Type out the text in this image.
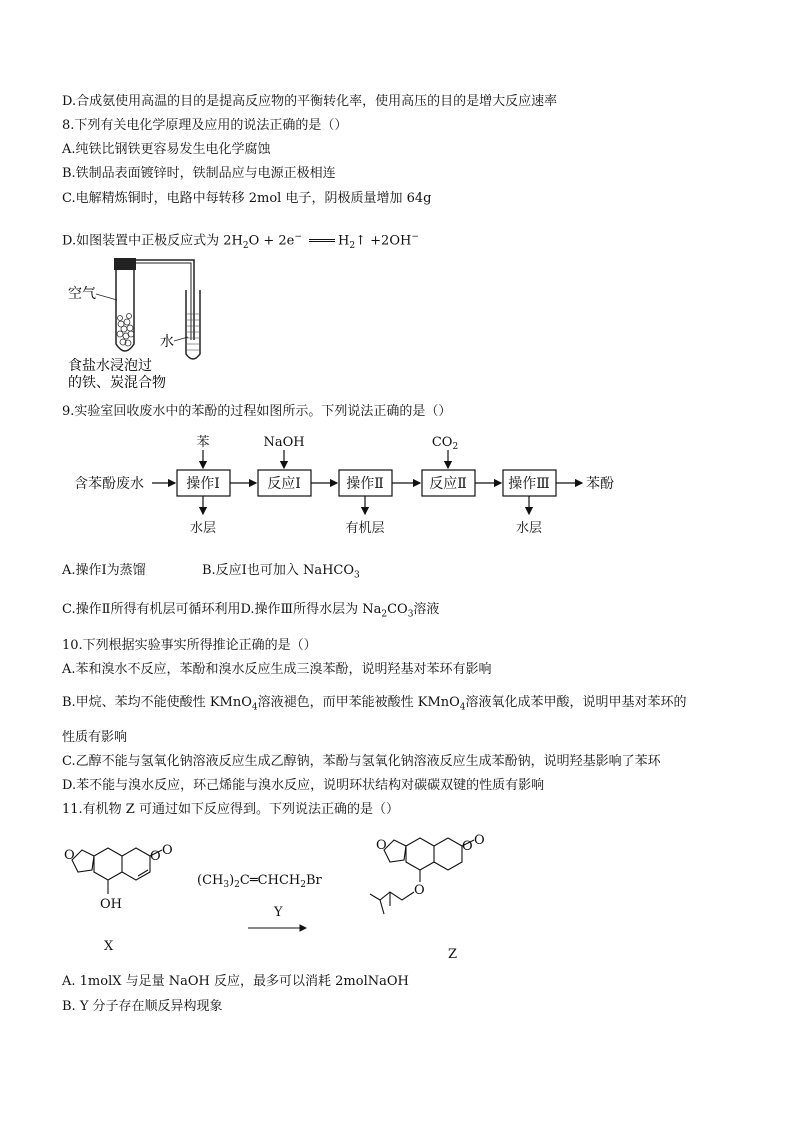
D.合成氨使用高温的目的是提高反应物的平衡转化率，使用高压的目的是增大反应速率
8.下列有关电化学原理及应用的说法正确的是（）
A.纯铁比钢铁更容易发生电化学腐蚀
B.铁制品表面镀锌时，铁制品应与电源正极相连
C.电解精炼铜时，电路中每转移 2mol 电子，阴极质量增加 64g
D.如图装置中正极反应式为 $2H_2O + 2e^-$	$H_2↑ +2OH^-$
空气
水
食盐水浸泡过
的铁、炭混合物
9.实验室回收废水中的苯酚的过程如图所示。下列说法正确的是（）
含苯酚废水	苯酚
操作Ⅰ	反应Ⅰ	操作Ⅱ	反应Ⅱ	操作Ⅲ
苯	NaOH	$CO_2$
水层	有机层	水层
A.操作Ⅰ为蒸馏	B.反应Ⅰ也可加入 NaHCO$_3$
C.操作Ⅱ所得有机层可循环利用D.操作Ⅲ所得水层为 $Na_2CO_3$溶液
10.下列根据实验事实所得推论正确的是（）
A.苯和溴水不反应，苯酚和溴水反应生成三溴苯酚，说明羟基对苯环有影响
B.甲烷、苯均不能使酸性 KMnO$_4$溶液褪色，而甲苯能被酸性 KMnO$_4$溶液氧化成苯甲酸，说明甲基对苯环的
性质有影响
C.乙醇不能与氢氧化钠溶液反应生成乙醇钠，苯酚与氢氧化钠溶液反应生成苯酚钠，说明羟基影响了苯环
D.苯不能与溴水反应，环己烯能与溴水反应，说明环状结构对碳碳双键的性质有影响
11.有机物 Z 可通过如下反应得到。下列说法正确的是（）
O	O O
OH
X
$(CH_3)_2C═CHCH_2Br$
Y
O	O O
O
Z
A. 1molX 与足量 NaOH 反应，最多可以消耗 2molNaOH
B. Y 分子存在顺反异构现象
